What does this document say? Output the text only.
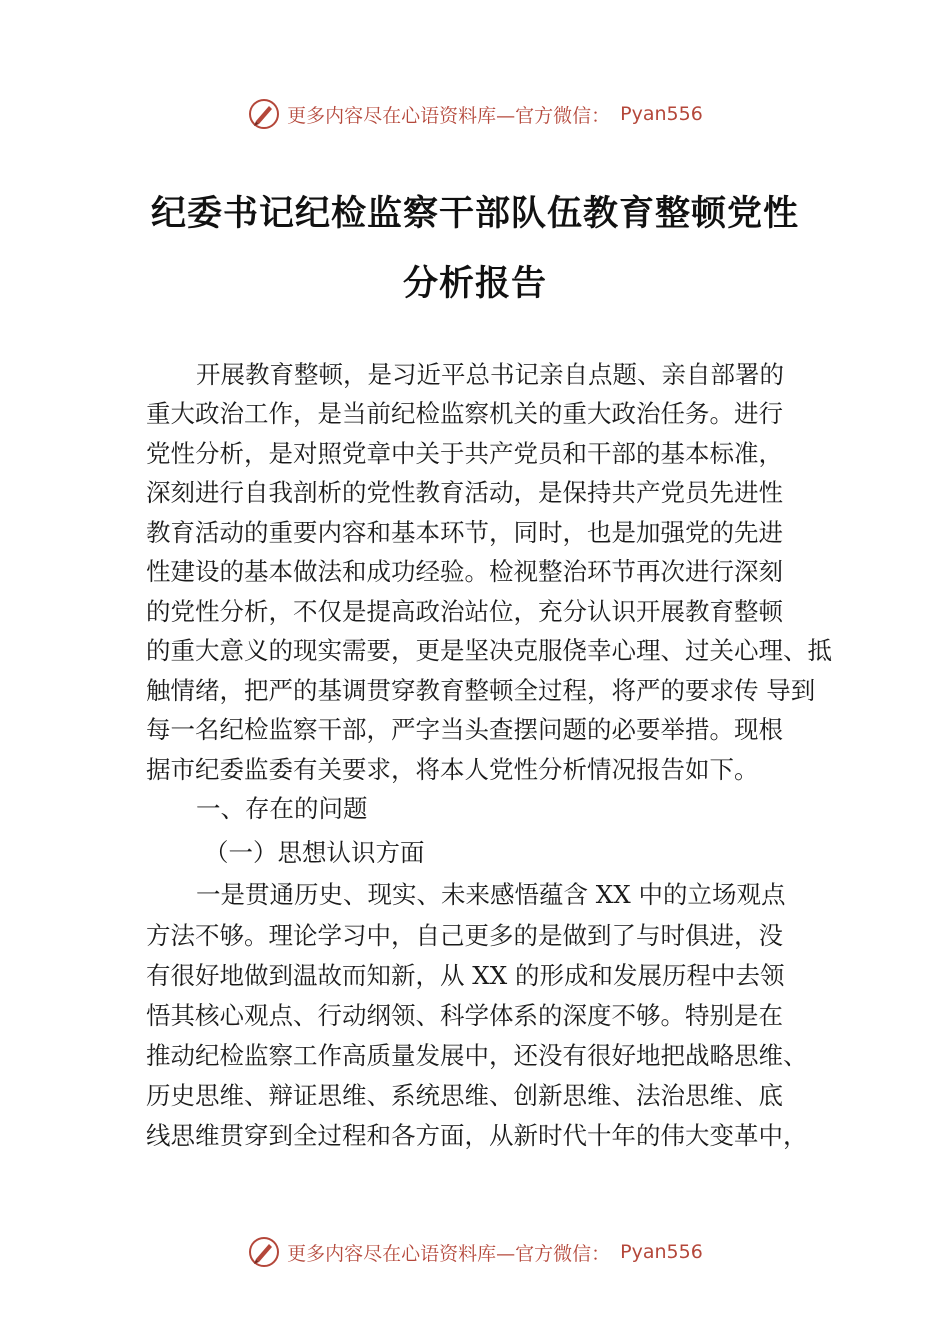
更多内容尽在心语资料库—官方微信： Pyan556
纪委书记纪检监察干部队伍教育整顿党性
分析报告
开展教育整顿，是习近平总书记亲自点题、亲自部署的
重大政治工作，是当前纪检监察机关的重大政治任务。进行
党性分析，是对照党章中关于共产党员和干部的基本标准，
深刻进行自我剖析的党性教育活动，是保持共产党员先进性
教育活动的重要内容和基本环节，同时，也是加强党的先进
性建设的基本做法和成功经验。检视整治环节再次进行深刻
的党性分析，不仅是提高政治站位，充分认识开展教育整顿
的重大意义的现实需要，更是坚决克服侥幸心理、过关心理、抵
触情绪，把严的基调贯穿教育整顿全过程，将严的要求传 导到
每一名纪检监察干部，严字当头查摆问题的必要举措。现根
据市纪委监委有关要求，将本人党性分析情况报告如下。
一、存在的问题
（一）思想认识方面
一是贯通历史、现实、未来感悟蕴含 XX 中的立场观点
方法不够。理论学习中，自己更多的是做到了与时俱进，没
有很好地做到温故而知新，从 XX 的形成和发展历程中去领
悟其核心观点、行动纲领、科学体系的深度不够。特别是在
推动纪检监察工作高质量发展中，还没有很好地把战略思维、
历史思维、辩证思维、系统思维、创新思维、法治思维、底
线思维贯穿到全过程和各方面，从新时代十年的伟大变革中，
更多内容尽在心语资料库—官方微信： Pyan556
